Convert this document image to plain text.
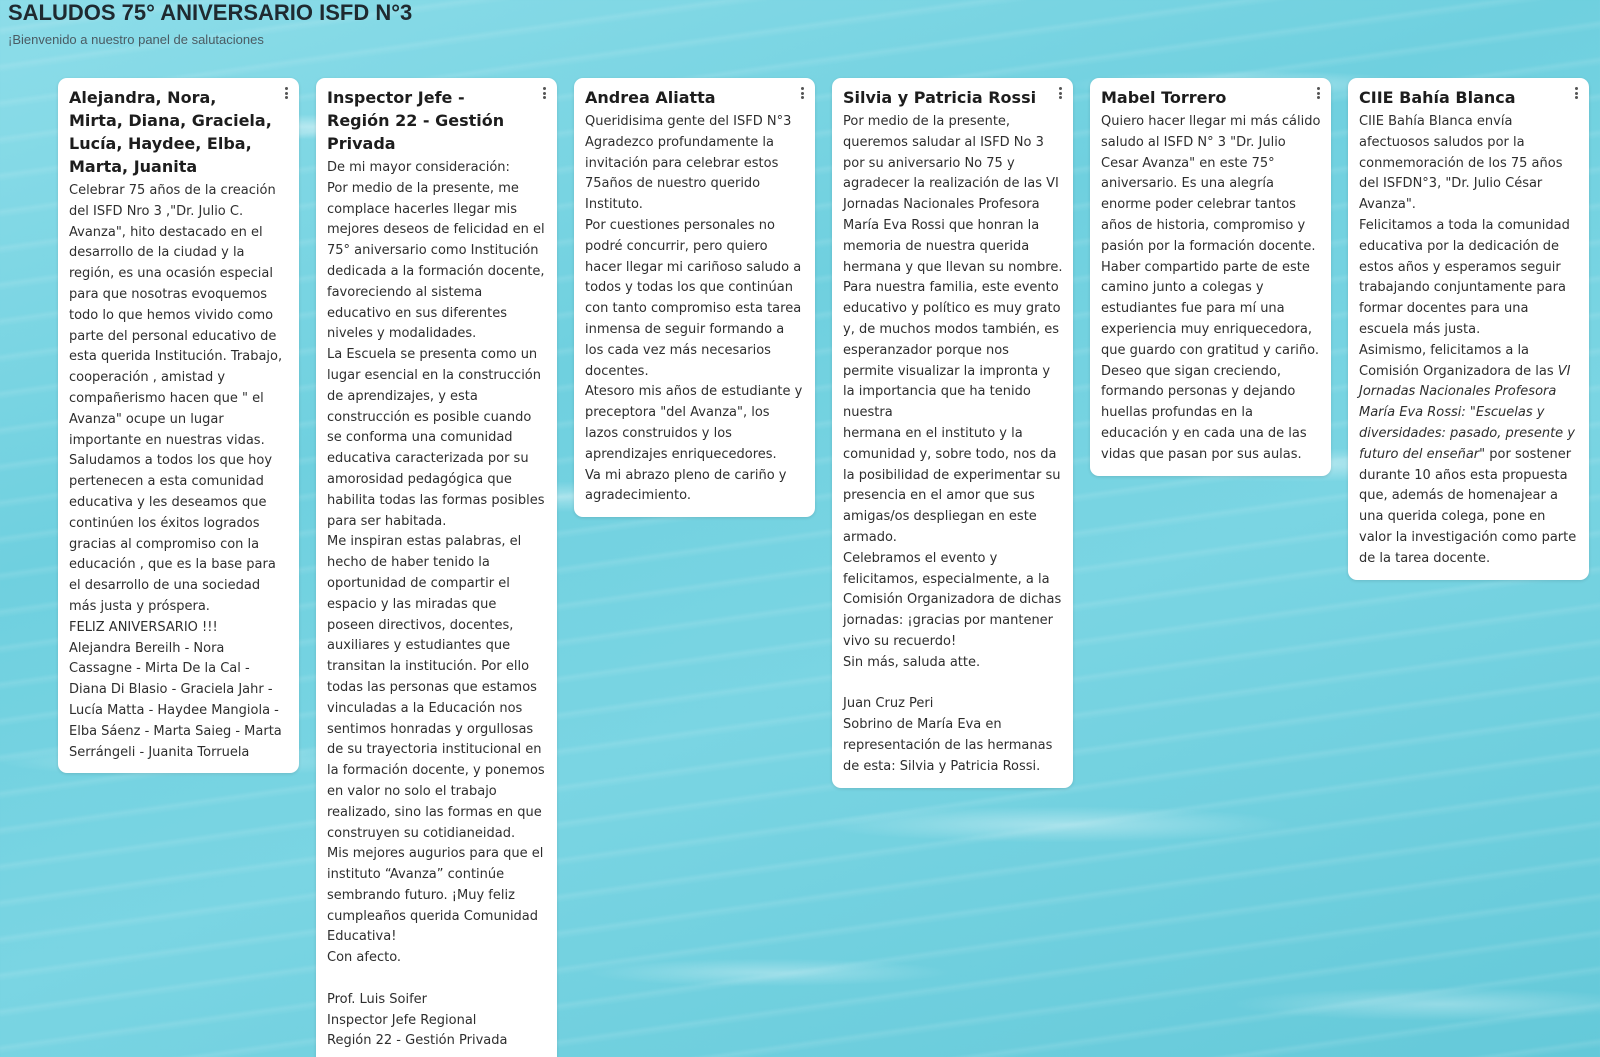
SALUDOS 75° ANIVERSARIO ISFD N°3
¡Bienvenido a nuestro panel de salutaciones
Alejandra, Nora, Mirta, Diana, Graciela, Lucía, Haydee, Elba, Marta, Juanita
Celebrar 75 años de la creación del ISFD Nro 3 ,"Dr. Julio C. Avanza", hito destacado en el desarrollo de la ciudad y la región, es una ocasión especial para que nosotras evoquemos todo lo que hemos vivido como parte del personal educativo de esta querida Institución. Trabajo, cooperación , amistad y compañerismo hacen que " el Avanza" ocupe un lugar importante en nuestras vidas.
Saludamos a todos los que hoy pertenecen a esta comunidad educativa y les deseamos que continúen los éxitos logrados gracias al compromiso con la educación , que es la base para el desarrollo de una sociedad más justa y próspera.
FELIZ ANIVERSARIO !!!
Alejandra Bereilh - Nora Cassagne - Mirta De la Cal - Diana Di Blasio - Graciela Jahr - Lucía Matta - Haydee Mangiola - Elba Sáenz - Marta Saieg - Marta Serrángeli - Juanita Torruela
Inspector Jefe - Región 22 - Gestión Privada
De mi mayor consideración:
Por medio de la presente, me complace hacerles llegar mis mejores deseos de felicidad en el 75° aniversario como Institución dedicada a la formación docente, favoreciendo al sistema educativo en sus diferentes niveles y modalidades.
La Escuela se presenta como un lugar esencial en la construcción de aprendizajes, y esta construcción es posible cuando se conforma una comunidad educativa caracterizada por su amorosidad pedagógica que habilita todas las formas posibles para ser habitada.
Me inspiran estas palabras, el hecho de haber tenido la oportunidad de compartir el espacio y las miradas que poseen directivos, docentes, auxiliares y estudiantes que transitan la institución. Por ello todas las personas que estamos vinculadas a la Educación nos sentimos honradas y orgullosas de su trayectoria institucional en la formación docente, y ponemos en valor no solo el trabajo realizado, sino las formas en que construyen su cotidianeidad.
Mis mejores augurios para que el instituto “Avanza” continúe sembrando futuro. ¡Muy feliz cumpleaños querida Comunidad Educativa!
Con afecto.

Prof. Luis Soifer
Inspector Jefe Regional
Región 22 - Gestión Privada
Andrea Aliatta
Queridisima gente del ISFD N°3
Agradezco profundamente la invitación para celebrar estos 75años de nuestro querido Instituto.
Por cuestiones personales no podré concurrir, pero quiero hacer llegar mi cariñoso saludo a todos y todas los que continúan con tanto compromiso esta tarea inmensa de seguir formando a los cada vez más necesarios docentes.
Atesoro mis años de estudiante y preceptora "del Avanza", los lazos construidos y los aprendizajes enriquecedores.
Va mi abrazo pleno de cariño y agradecimiento.
Silvia y Patricia Rossi
Por medio de la presente, queremos saludar al ISFD No 3 por su aniversario No 75 y agradecer la realización de las VI Jornadas Nacionales Profesora María Eva Rossi que honran la memoria de nuestra querida hermana y que llevan su nombre.
Para nuestra familia, este evento educativo y político es muy grato y, de muchos modos también, es esperanzador porque nos permite visualizar la impronta y la importancia que ha tenido nuestra
hermana en el instituto y la comunidad y, sobre todo, nos da la posibilidad de experimentar su presencia en el amor que sus amigas/os despliegan en este armado.
Celebramos el evento y felicitamos, especialmente, a la Comisión Organizadora de dichas jornadas: ¡gracias por mantener vivo su recuerdo!
Sin más, saluda atte.

Juan Cruz Peri
Sobrino de María Eva en representación de las hermanas de esta: Silvia y Patricia Rossi.
Mabel Torrero
Quiero hacer llegar mi más cálido saludo al ISFD N° 3 "Dr. Julio Cesar Avanza" en este 75° aniversario. Es una alegría enorme poder celebrar tantos años de historia, compromiso y pasión por la formación docente. Haber compartido parte de este camino junto a colegas y estudiantes fue para mí una experiencia muy enriquecedora, que guardo con gratitud y cariño. Deseo que sigan creciendo, formando personas y dejando huellas profundas en la educación y en cada una de las vidas que pasan por sus aulas.
CIIE Bahía Blanca
CIIE Bahía Blanca envía afectuosos saludos por la conmemoración de los 75 años del ISFDN°3, "Dr. Julio César Avanza".
Felicitamos a toda la comunidad educativa por la dedicación de estos años y esperamos seguir trabajando conjuntamente para formar docentes para una escuela más justa.
Asimismo, felicitamos a la Comisión Organizadora de las VI Jornadas Nacionales Profesora María Eva Rossi: "Escuelas y diversidades: pasado, presente y futuro del enseñar" por sostener durante 10 años esta propuesta que, además de homenajear a una querida colega, pone en valor la investigación como parte de la tarea docente.
